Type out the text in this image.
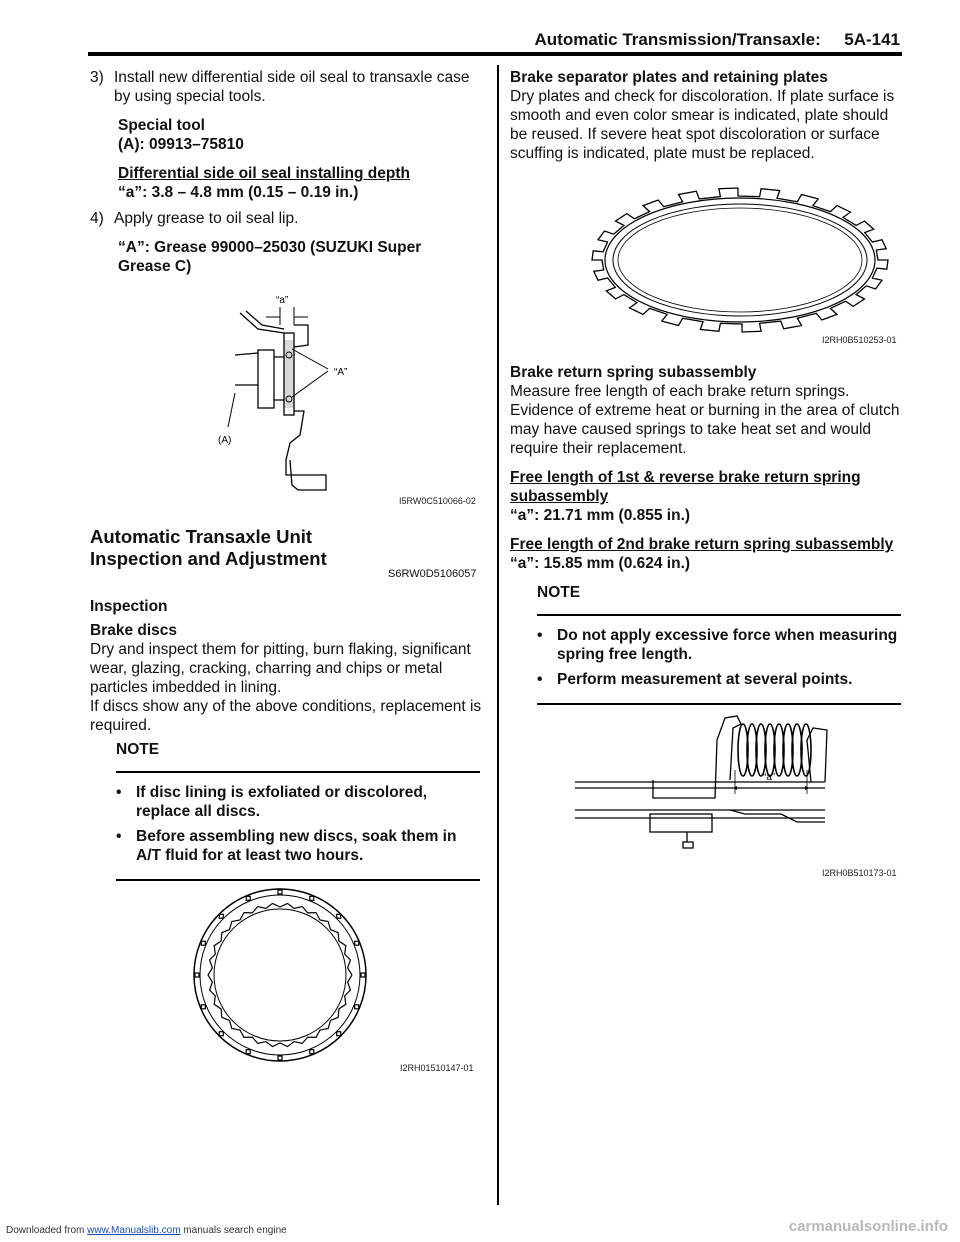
Automatic Transmission/Transaxle: 5A-141
3) Install new differential side oil seal to transaxle case by using special tools.

Special tool

(A): 09913–75810

Differential side oil seal installing depth

“a”: 3.8 – 4.8 mm (0.15 – 0.19 in.)

4) Apply grease to oil seal lip.

“A”: Grease 99000–25030 (SUZUKI Super

Grease C)

“a”
“A”
(A)
I5RW0C510066-02

Automatic Transaxle Unit Inspection and Adjustment

S6RW0D5106057

Inspection

Brake discs

Dry and inspect them for pitting, burn flaking, significant wear, glazing, cracking, charring and chips or metal particles imbedded in lining.

If discs show any of the above conditions, replacement is required.

NOTE

• If disc lining is exfoliated or discolored, replace all discs.

• Before assembling new discs, soak them in A/T fluid for at least two hours.

I2RH01510147-01

Brake separator plates and retaining plates

Dry plates and check for discoloration. If plate surface is smooth and even color smear is indicated, plate should be reused. If severe heat spot discoloration or surface scuffing is indicated, plate must be replaced.

I2RH0B510253-01

Brake return spring subassembly

Measure free length of each brake return springs. Evidence of extreme heat or burning in the area of clutch may have caused springs to take heat set and would require their replacement.

Free length of 1st & reverse brake return spring subassembly

“a”: 21.71 mm (0.855 in.)

Free length of 2nd brake return spring subassembly

“a”: 15.85 mm (0.624 in.)

NOTE

• Do not apply excessive force when measuring spring free length.

• Perform measurement at several points.

“a”
I2RH0B510173-01
Downloaded from www.Manualslib.com manuals search engine	carmanualsonline.info
